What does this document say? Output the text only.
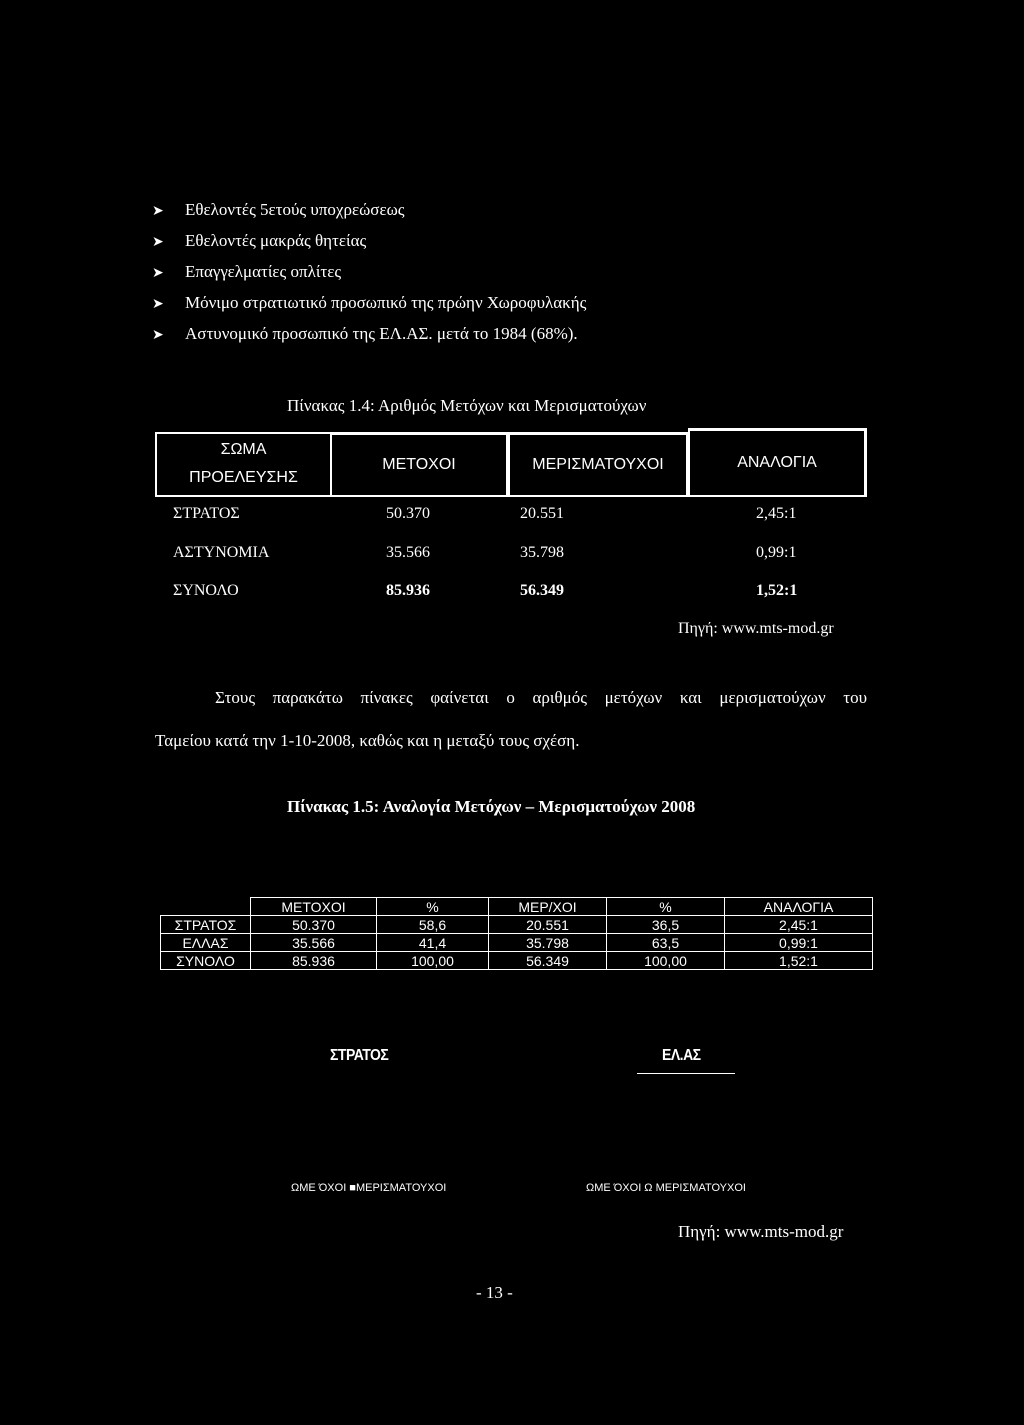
➤ Εθελοντές 5ετούς υποχρεώσεως
➤ Εθελοντές μακράς θητείας
➤ Επαγγελματίες οπλίτες
➤ Μόνιμο στρατιωτικό προσωπικό της πρώην Χωροφυλακής
➤ Αστυνομικό προσωπικό της ΕΛ.ΑΣ. μετά το 1984 (68%).
Πίνακας 1.4: Αριθμός Μετόχων και Μερισματούχων
ΣΩΜΑ
ΠΡΟΕΛΕΥΣΗΣ
ΜΕΤΟΧΟΙ	ΜΕΡΙΣΜΑΤΟΥΧΟΙ	ΑΝΑΛΟΓΙΑ
ΣΤΡΑΤΟΣ	50.370	20.551	2,45:1
ΑΣΤΥΝΟΜΙΑ	35.566	35.798	0,99:1
ΣΥΝΟΛΟ	85.936	56.349	1,52:1
Πηγή: www.mts-mod.gr
Στους παρακάτω πίνακες φαίνεται ο αριθμός μετόχων και μερισματούχων του
Ταμείου κατά την 1-10-2008, καθώς και η μεταξύ τους σχέση.
Πίνακας 1.5: Αναλογία Μετόχων – Μερισματούχων 2008
	ΜΕΤΟΧΟΙ	%	ΜΕΡ/ΧΟΙ	%	ΑΝΑΛΟΓΙΑ
ΣΤΡΑΤΟΣ	50.370	58,6	20.551	36,5	2,45:1
ΕΛΛΑΣ	35.566	41,4	35.798	63,5	0,99:1
ΣΥΝΟΛΟ	85.936	100,00	56.349	100,00	1,52:1
ΣΤΡΑΤΟΣ	ΕΛ.ΑΣ
ΩΜΕ ΌΧΟΙ ■ΜΕΡΙΣΜΑΤΟΥΧΟΙ	ΩΜΕ ΌΧΟΙ Ω ΜΕΡΙΣΜΑΤΟΥΧΟΙ
Πηγή: www.mts-mod.gr
- 13 -
